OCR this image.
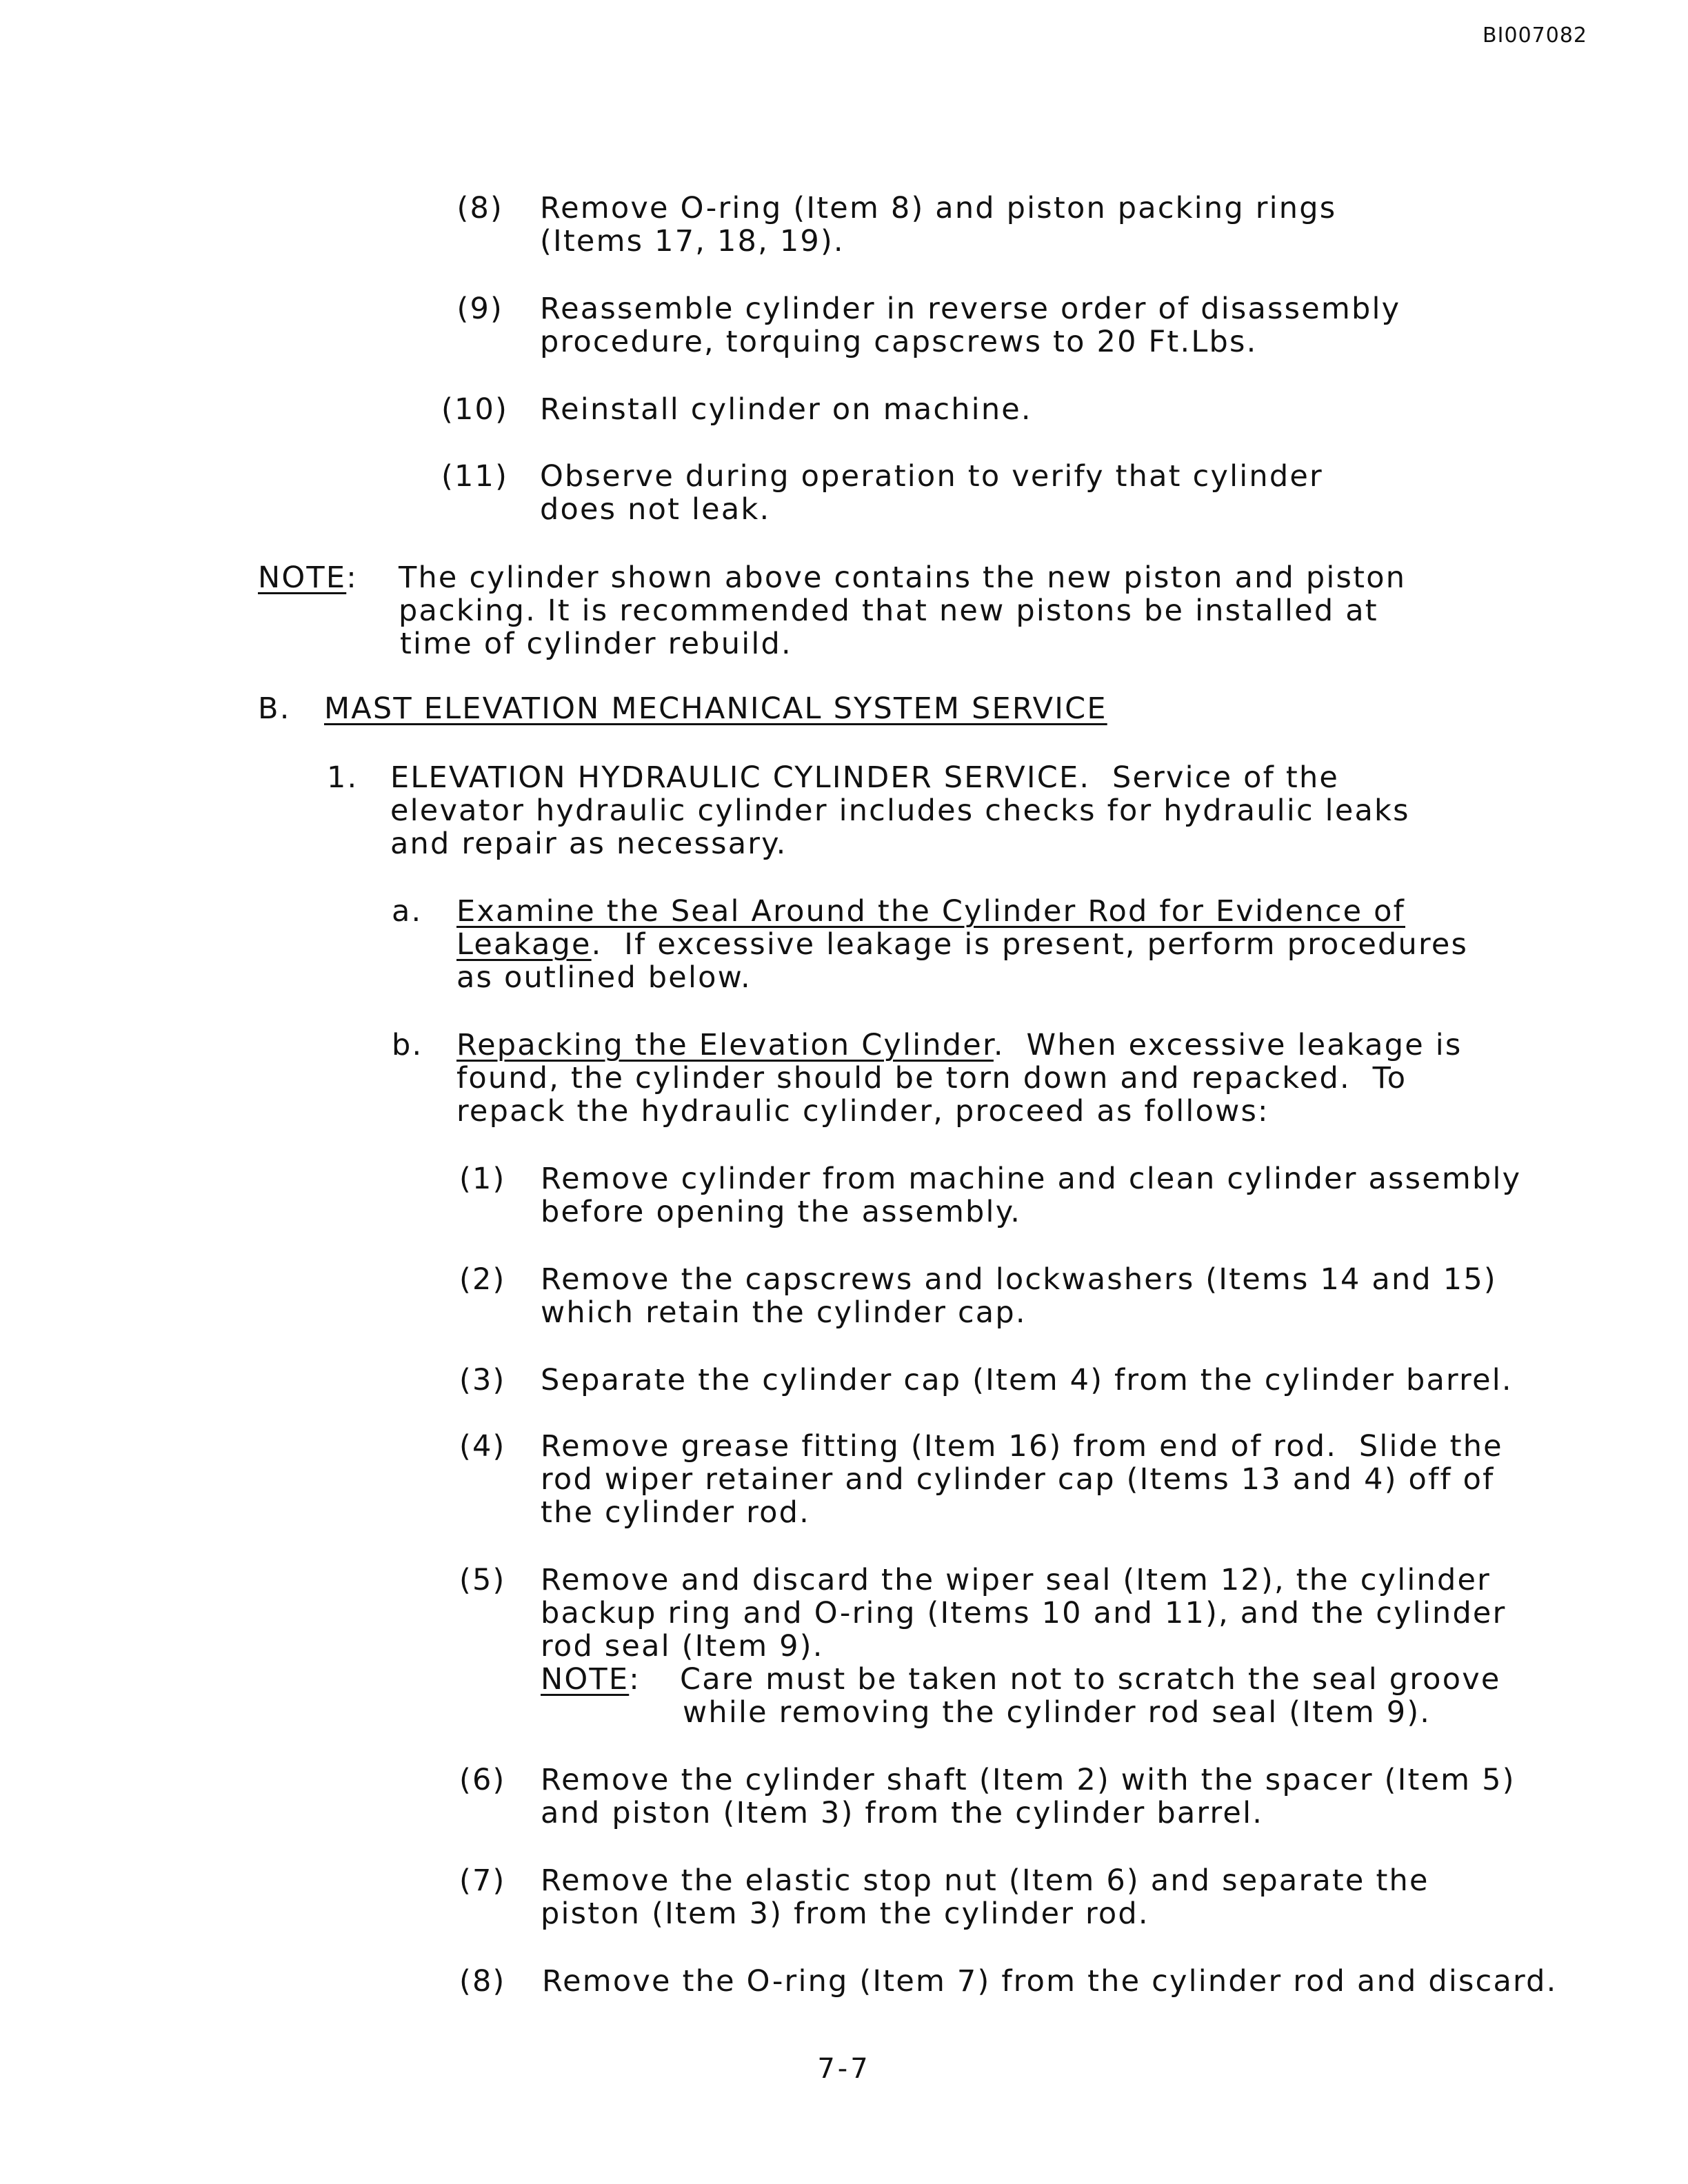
BI007082
(8) Remove O-ring (Item 8) and piston packing rings
(Items 17, 18, 19).
(9) Reassemble cylinder in reverse order of disassembly
procedure, torquing capscrews to 20 Ft.Lbs.
(10) Reinstall cylinder on machine.
(11) Observe during operation to verify that cylinder
does not leak.
NOTE: The cylinder shown above contains the new piston and piston
packing. It is recommended that new pistons be installed at
time of cylinder rebuild.
B. MAST ELEVATION MECHANICAL SYSTEM SERVICE
1. ELEVATION HYDRAULIC CYLINDER SERVICE.  Service of the
elevator hydraulic cylinder includes checks for hydraulic leaks
and repair as necessary.
a. Examine the Seal Around the Cylinder Rod for Evidence of
Leakage.  If excessive leakage is present, perform procedures
as outlined below.
b. Repacking the Elevation Cylinder.  When excessive leakage is
found, the cylinder should be torn down and repacked.  To
repack the hydraulic cylinder, proceed as follows:
(1) Remove cylinder from machine and clean cylinder assembly
before opening the assembly.
(2) Remove the capscrews and lockwashers (Items 14 and 15)
which retain the cylinder cap.
(3) Separate the cylinder cap (Item 4) from the cylinder barrel.
(4) Remove grease fitting (Item 16) from end of rod.  Slide the
rod wiper retainer and cylinder cap (Items 13 and 4) off of
the cylinder rod.
(5) Remove and discard the wiper seal (Item 12), the cylinder
backup ring and O-ring (Items 10 and 11), and the cylinder
rod seal (Item 9).
NOTE: Care must be taken not to scratch the seal groove
while removing the cylinder rod seal (Item 9).
(6) Remove the cylinder shaft (Item 2) with the spacer (Item 5)
and piston (Item 3) from the cylinder barrel.
(7) Remove the elastic stop nut (Item 6) and separate the
piston (Item 3) from the cylinder rod.
(8) Remove the O-ring (Item 7) from the cylinder rod and discard.
7-7
